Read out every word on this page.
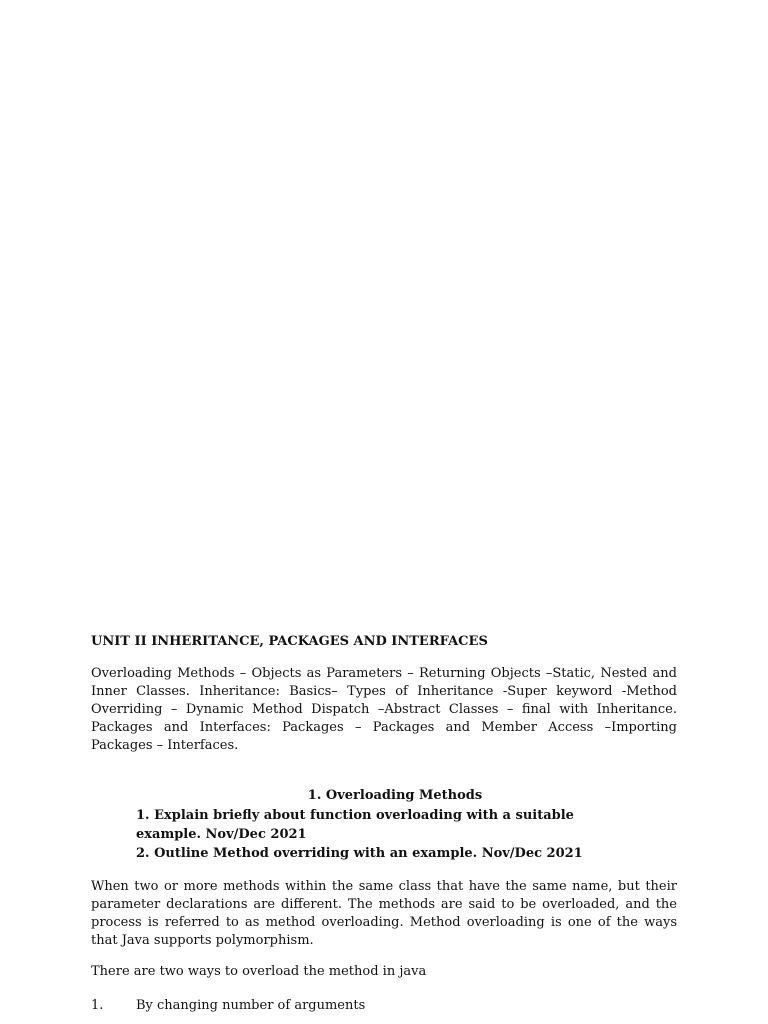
UNIT II INHERITANCE, PACKAGES AND INTERFACES

Overloading Methods – Objects as Parameters – Returning Objects –Static, Nested and Inner Classes. Inheritance: Basics– Types of Inheritance -Super keyword -Method Overriding – Dynamic Method Dispatch –Abstract Classes – final with Inheritance. Packages and Interfaces: Packages – Packages and Member Access –Importing Packages – Interfaces.

1. Overloading Methods
1. Explain briefly about function overloading with a suitable example. Nov/Dec 2021
2. Outline Method overriding with an example. Nov/Dec 2021

When two or more methods within the same class that have the same name, but their parameter declarations are different. The methods are said to be overloaded, and the process is referred to as method overloading. Method overloading is one of the ways that Java supports polymorphism.

There are two ways to overload the method in java

1.	By changing number of arguments
